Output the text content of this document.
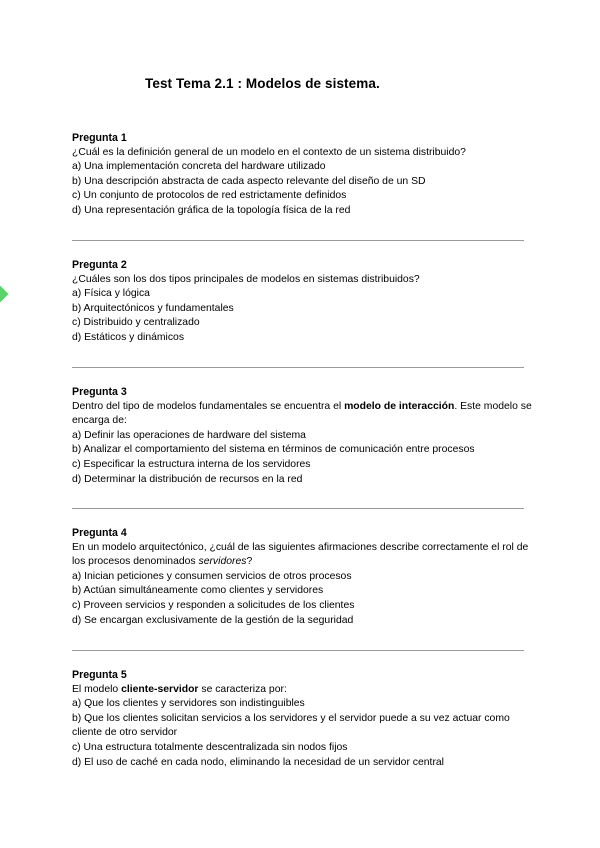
Test Tema 2.1 : Modelos de sistema.
Pregunta 1
¿Cuál es la definición general de un modelo en el contexto de un sistema distribuido?
a) Una implementación concreta del hardware utilizado
b) Una descripción abstracta de cada aspecto relevante del diseño de un SD
c) Un conjunto de protocolos de red estrictamente definidos
d) Una representación gráfica de la topología física de la red
Pregunta 2
¿Cuáles son los dos tipos principales de modelos en sistemas distribuidos?
a) Física y lógica
b) Arquitectónicos y fundamentales
c) Distribuido y centralizado
d) Estáticos y dinámicos
Pregunta 3
Dentro del tipo de modelos fundamentales se encuentra el modelo de interacción. Este modelo se encarga de:
a) Definir las operaciones de hardware del sistema
b) Analizar el comportamiento del sistema en términos de comunicación entre procesos
c) Especificar la estructura interna de los servidores
d) Determinar la distribución de recursos en la red
Pregunta 4
En un modelo arquitectónico, ¿cuál de las siguientes afirmaciones describe correctamente el rol de los procesos denominados servidores?
a) Inician peticiones y consumen servicios de otros procesos
b) Actúan simultáneamente como clientes y servidores
c) Proveen servicios y responden a solicitudes de los clientes
d) Se encargan exclusivamente de la gestión de la seguridad
Pregunta 5
El modelo cliente-servidor se caracteriza por:
a) Que los clientes y servidores son indistinguibles
b) Que los clientes solicitan servicios a los servidores y el servidor puede a su vez actuar como cliente de otro servidor
c) Una estructura totalmente descentralizada sin nodos fijos
d) El uso de caché en cada nodo, eliminando la necesidad de un servidor central
